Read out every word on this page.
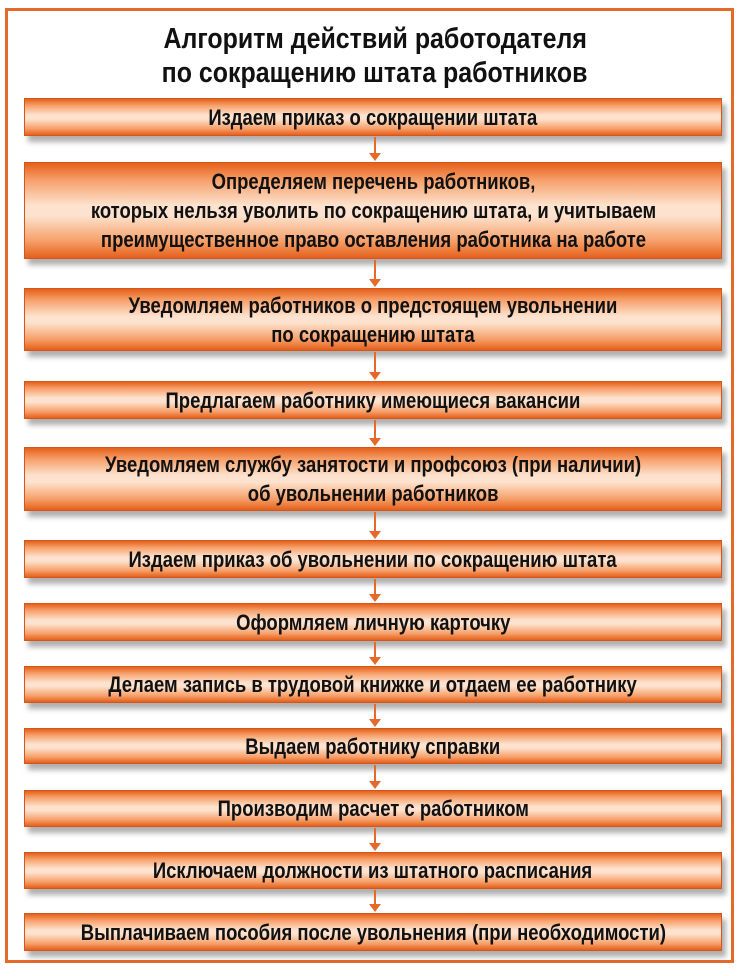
Алгоритм действий работодателя
по сокращению штата работников
Издаем приказ о сокращении штата
Определяем перечень работников,
которых нельзя уволить по сокращению штата, и учитываем
преимущественное право оставления работника на работе
Уведомляем работников о предстоящем увольнении
по сокращению штата
Предлагаем работнику имеющиеся вакансии
Уведомляем службу занятости и профсоюз (при наличии)
об увольнении работников
Издаем приказ об увольнении по сокращению штата
Оформляем личную карточку
Делаем запись в трудовой книжке и отдаем ее работнику
Выдаем работнику справки
Производим расчет с работником
Исключаем должности из штатного расписания
Выплачиваем пособия после увольнения (при необходимости)
